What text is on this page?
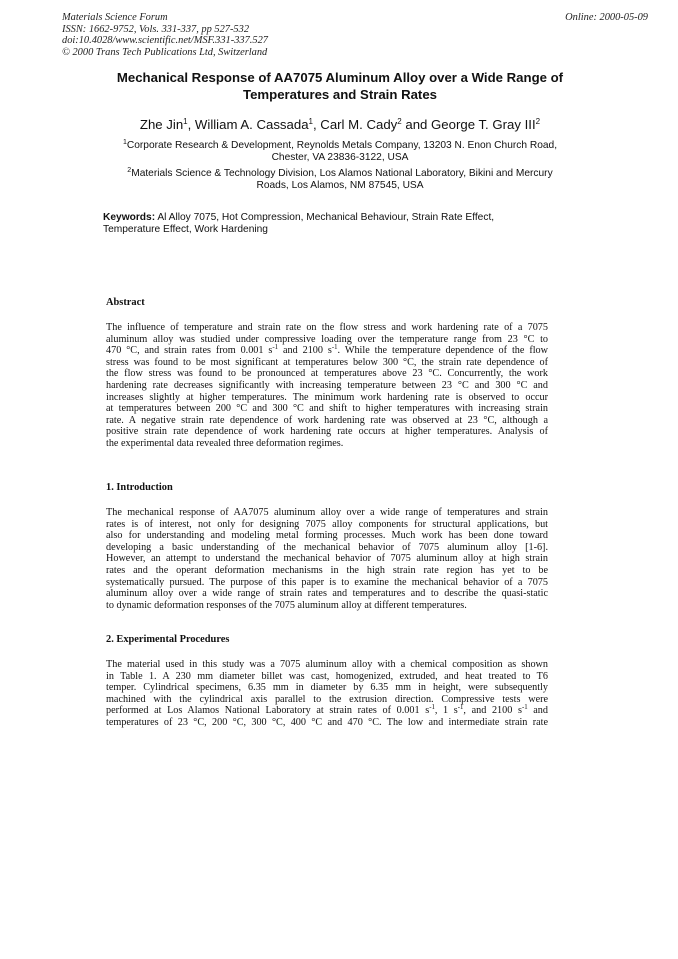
Materials Science Forum
ISSN: 1662-9752, Vols. 331-337, pp 527-532
doi:10.4028/www.scientific.net/MSF.331-337.527
© 2000 Trans Tech Publications Ltd, Switzerland
Online: 2000-05-09
Mechanical Response of AA7075 Aluminum Alloy over a Wide Range of
Temperatures and Strain Rates
Zhe Jin$^1$, William A. Cassada$^1$, Carl M. Cady$^2$ and George T. Gray III$^2$
$^1$Corporate Research & Development, Reynolds Metals Company, 13203 N. Enon Church Road,
Chester, VA 23836-3122, USA
$^2$Materials Science & Technology Division, Los Alamos National Laboratory, Bikini and Mercury
Roads, Los Alamos, NM 87545, USA
Keywords: Al Alloy 7075, Hot Compression, Mechanical Behaviour, Strain Rate Effect,
Temperature Effect, Work Hardening
Abstract
The influence of temperature and strain rate on the flow stress and work hardening rate of a 7075
aluminum alloy was studied under compressive loading over the temperature range from 23 °C to
470 °C, and strain rates from 0.001 $s^{-1}$ and 2100 $s^{-1}$. While the temperature dependence of the flow
stress was found to be most significant at temperatures below 300 °C, the strain rate dependence of
the flow stress was found to be pronounced at temperatures above 23 °C. Concurrently, the work
hardening rate decreases significantly with increasing temperature between 23 °C and 300 °C and
increases slightly at higher temperatures. The minimum work hardening rate is observed to occur
at temperatures between 200 °C and 300 °C and shift to higher temperatures with increasing strain
rate. A negative strain rate dependence of work hardening rate was observed at 23 °C, although a
positive strain rate dependence of work hardening rate occurs at higher temperatures. Analysis of
the experimental data revealed three deformation regimes.
1. Introduction
The mechanical response of AA7075 aluminum alloy over a wide range of temperatures and strain
rates is of interest, not only for designing 7075 alloy components for structural applications, but
also for understanding and modeling metal forming processes. Much work has been done toward
developing a basic understanding of the mechanical behavior of 7075 aluminum alloy [1-6].
However, an attempt to understand the mechanical behavior of 7075 aluminum alloy at high strain
rates and the operant deformation mechanisms in the high strain rate region has yet to be
systematically pursued. The purpose of this paper is to examine the mechanical behavior of a 7075
aluminum alloy over a wide range of strain rates and temperatures and to describe the quasi-static
to dynamic deformation responses of the 7075 aluminum alloy at different temperatures.
2. Experimental Procedures
The material used in this study was a 7075 aluminum alloy with a chemical composition as shown
in Table 1. A 230 mm diameter billet was cast, homogenized, extruded, and heat treated to T6
temper. Cylindrical specimens, 6.35 mm in diameter by 6.35 mm in height, were subsequently
machined with the cylindrical axis parallel to the extrusion direction. Compressive tests were
performed at Los Alamos National Laboratory at strain rates of 0.001 $s^{-1}$, 1 $s^{-1}$, and 2100 $s^{-1}$ and
temperatures of 23 °C, 200 °C, 300 °C, 400 °C and 470 °C. The low and intermediate strain rate
